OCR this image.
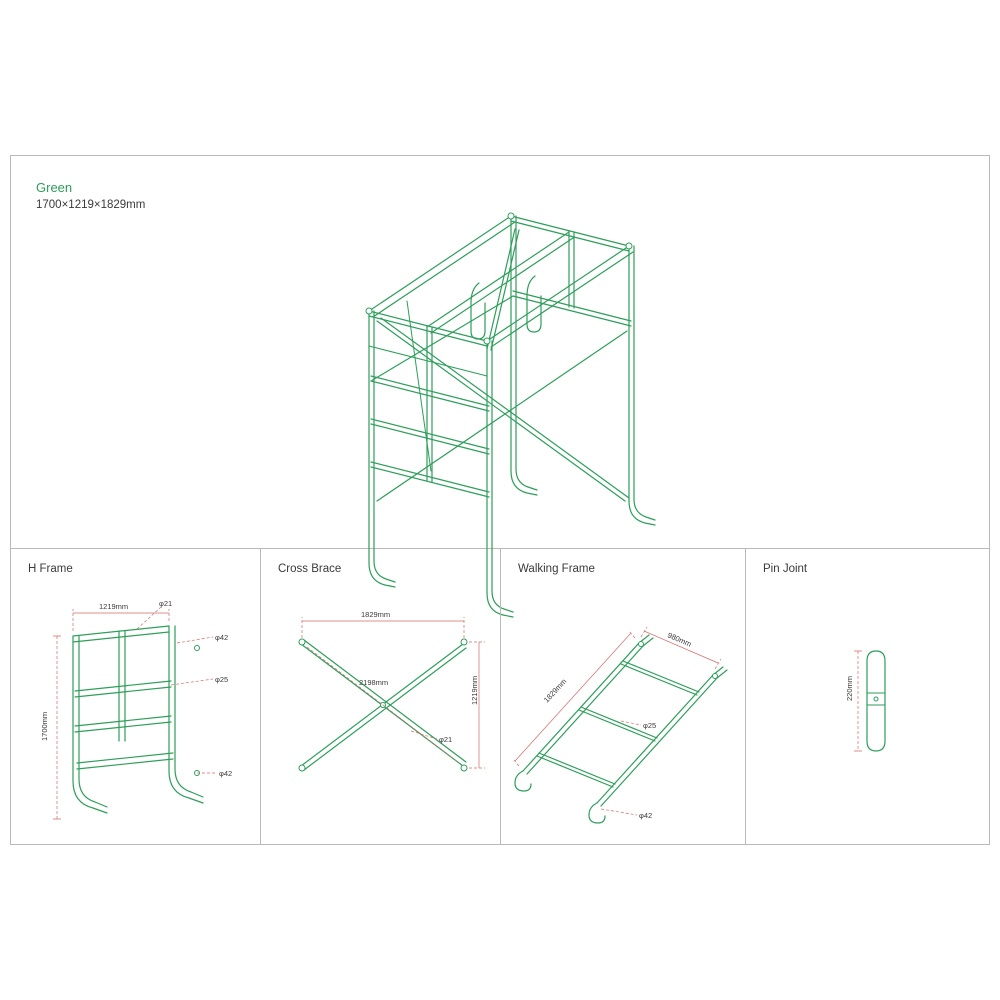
Green
1700×1219×1829mm
H Frame
1219mm
1700mm
φ21
φ42
φ25
φ42
Cross Brace
1829mm
2198mm	1219mm
φ21
Walking Frame
1829mm
980mm
φ25
φ42
Pin Joint
220mm
